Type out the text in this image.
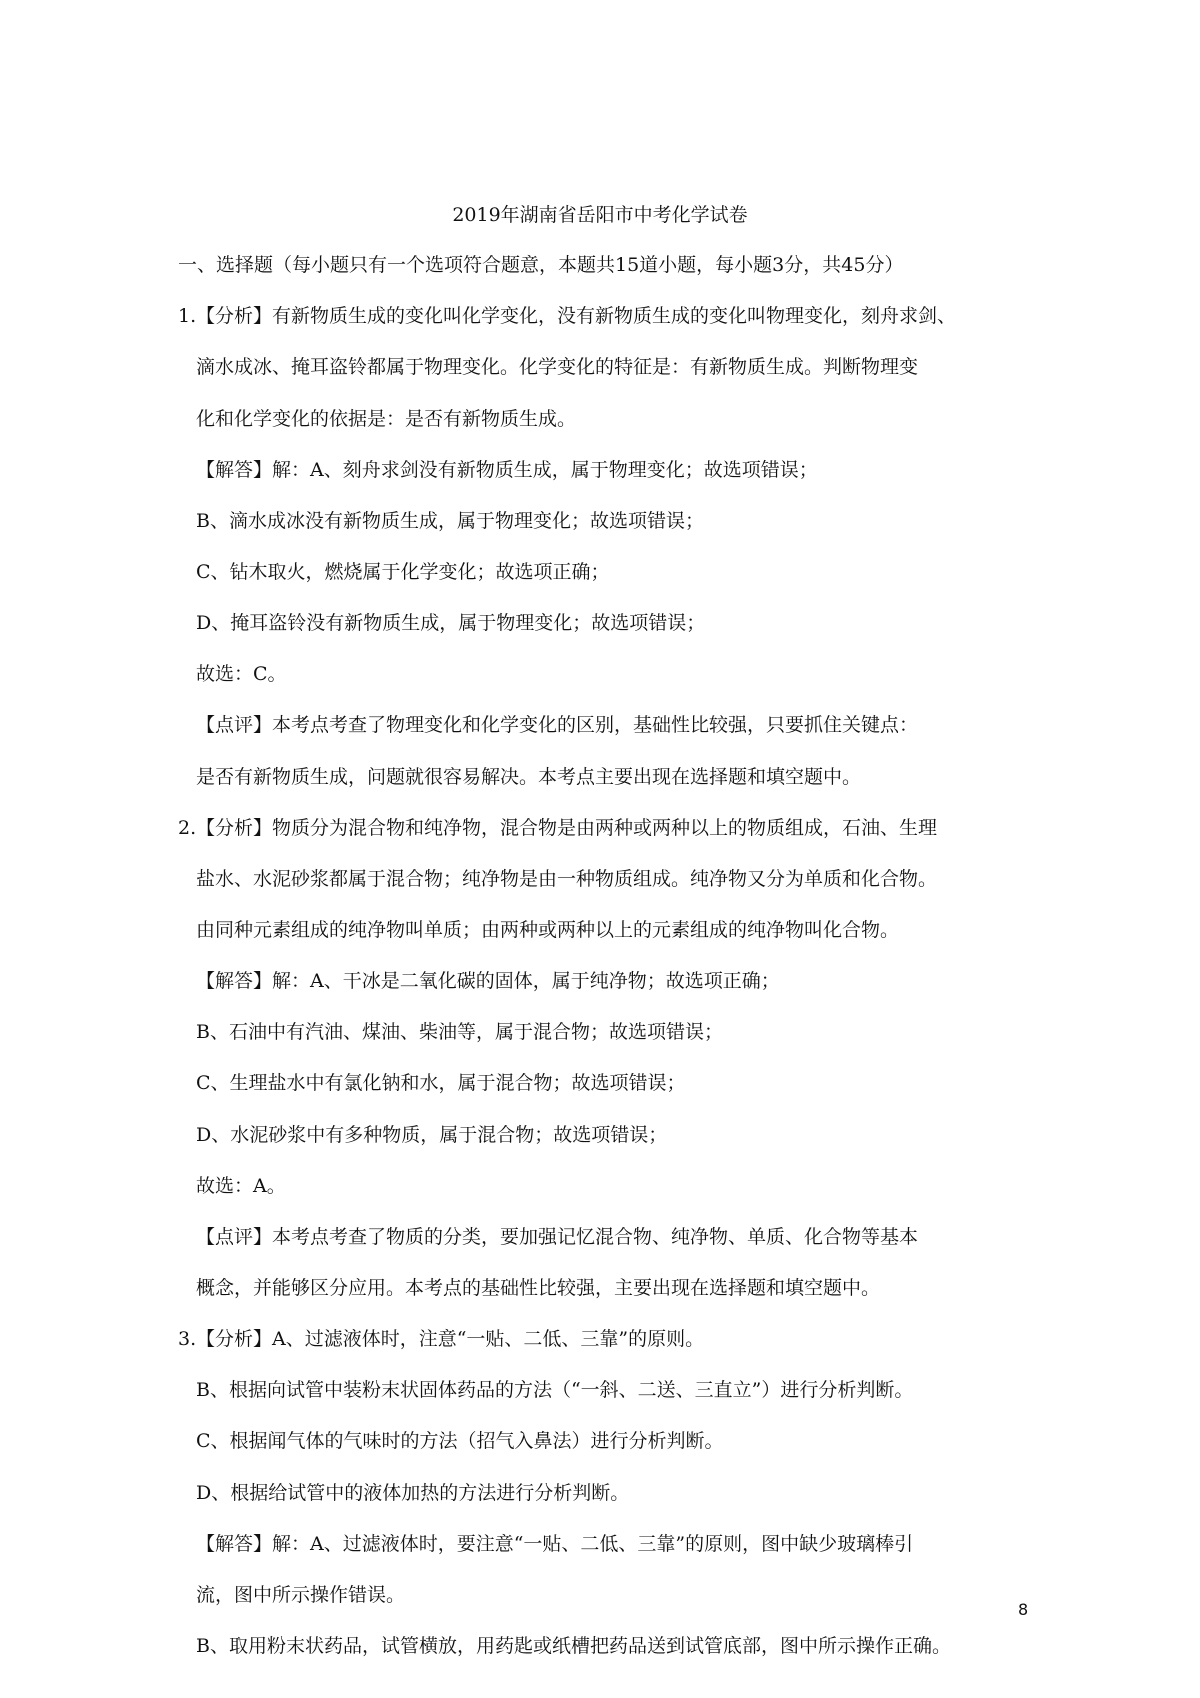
2019年湖南省岳阳市中考化学试卷
一、选择题（每小题只有一个选项符合题意，本题共15道小题，每小题3分，共45分）
1.【分析】有新物质生成的变化叫化学变化，没有新物质生成的变化叫物理变化，刻舟求剑、
滴水成冰、掩耳盗铃都属于物理变化。化学变化的特征是：有新物质生成。判断物理变
化和化学变化的依据是：是否有新物质生成。
【解答】解：A、刻舟求剑没有新物质生成，属于物理变化；故选项错误；
B、滴水成冰没有新物质生成，属于物理变化；故选项错误；
C、钻木取火，燃烧属于化学变化；故选项正确；
D、掩耳盗铃没有新物质生成，属于物理变化；故选项错误；
故选：C。
【点评】本考点考查了物理变化和化学变化的区别，基础性比较强，只要抓住关键点：
是否有新物质生成，问题就很容易解决。本考点主要出现在选择题和填空题中。
2.【分析】物质分为混合物和纯净物，混合物是由两种或两种以上的物质组成，石油、生理
盐水、水泥砂浆都属于混合物；纯净物是由一种物质组成。纯净物又分为单质和化合物。
由同种元素组成的纯净物叫单质；由两种或两种以上的元素组成的纯净物叫化合物。
【解答】解：A、干冰是二氧化碳的固体，属于纯净物；故选项正确；
B、石油中有汽油、煤油、柴油等，属于混合物；故选项错误；
C、生理盐水中有氯化钠和水，属于混合物；故选项错误；
D、水泥砂浆中有多种物质，属于混合物；故选项错误；
故选：A。
【点评】本考点考查了物质的分类，要加强记忆混合物、纯净物、单质、化合物等基本
概念，并能够区分应用。本考点的基础性比较强，主要出现在选择题和填空题中。
3.【分析】A、过滤液体时，注意“一贴、二低、三靠”的原则。
B、根据向试管中装粉末状固体药品的方法（“一斜、二送、三直立”）进行分析判断。
C、根据闻气体的气味时的方法（招气入鼻法）进行分析判断。
D、根据给试管中的液体加热的方法进行分析判断。
【解答】解：A、过滤液体时，要注意“一贴、二低、三靠”的原则，图中缺少玻璃棒引
流，图中所示操作错误。
B、取用粉末状药品，试管横放，用药匙或纸槽把药品送到试管底部，图中所示操作正确。
8
